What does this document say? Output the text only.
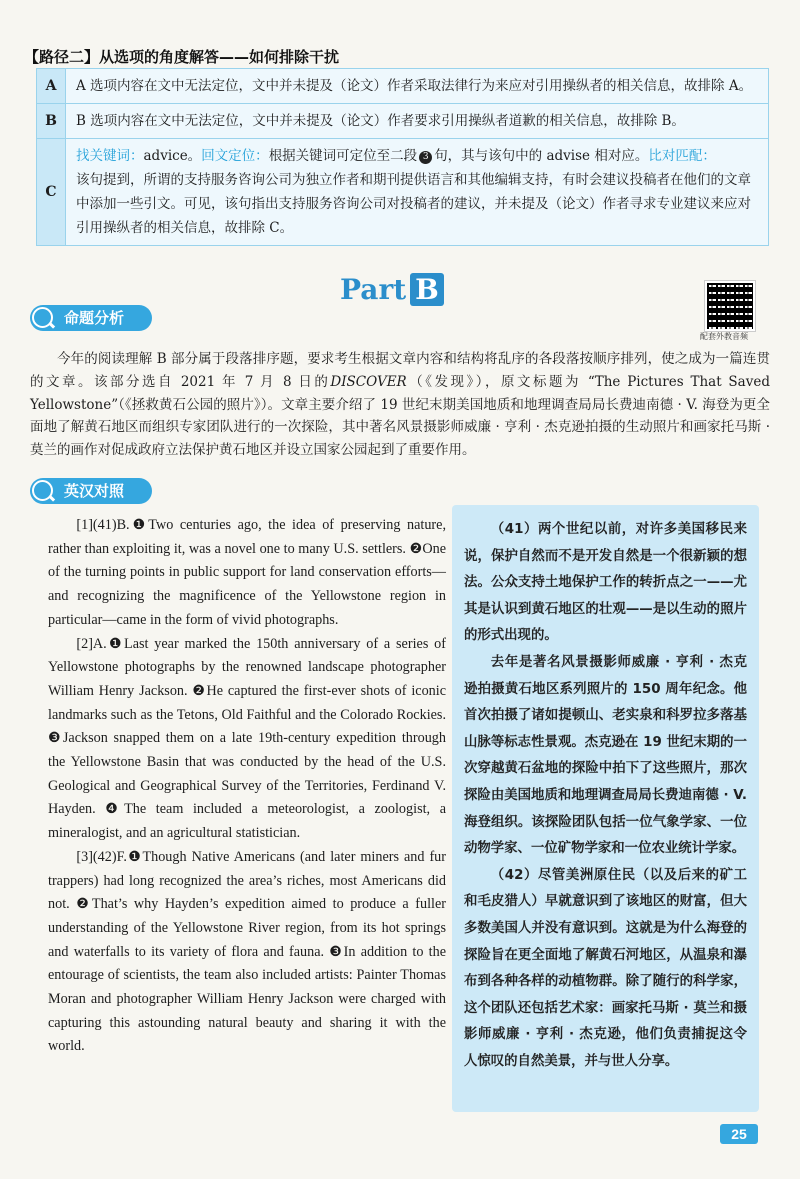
【路径二】从选项的角度解答——如何排除干扰
A	A 选项内容在文中无法定位，文中并未提及（论文）作者采取法律行为来应对引用操纵者的相关信息，故排除 A。
B	B 选项内容在文中无法定位，文中并未提及（论文）作者要求引用操纵者道歉的相关信息，故排除 B。
C	找关键词：advice。回文定位：根据关键词可定位至二段 3 句，其与该句中的 advise 相对应。比对匹配：
该句提到，所谓的支持服务咨询公司为独立作者和期刊提供语言和其他编辑支持，有时会建议投稿者在他们的文章中添加一些引文。可见，该句指出支持服务咨询公司对投稿者的建议，并未提及（论文）作者寻求专业建议来应对引用操纵者的相关信息，故排除 C。
Part B
配套外教音频
命题分析

今年的阅读理解 B 部分属于段落排序题，要求考生根据文章内容和结构将乱序的各段落按顺序排列，使之成为一篇连贯的文章。该部分选自 2021 年 7 月 8 日的DISCOVER（《发现》），原文标题为 “The Pictures That Saved Yellowstone”（《拯救黄石公园的照片》）。文章主要介绍了 19 世纪末期美国地质和地理调查局局长费迪南德 · V. 海登为更全面地了解黄石地区而组织专家团队进行的一次探险，其中著名风景摄影师威廉 · 亨利 · 杰克逊拍摄的生动照片和画家托马斯 · 莫兰的画作对促成政府立法保护黄石地区并设立国家公园起到了重要作用。

英汉对照

[1](41)B.❶Two centuries ago, the idea of preserving nature, rather than exploiting it, was a novel one to many U.S. settlers. ❷One of the turning points in public support for land conservation efforts—and recognizing the magnificence of the Yellowstone region in particular—came in the form of vivid photographs.

[2]A.❶Last year marked the 150th anniversary of a series of Yellowstone photographs by the renowned landscape photographer William Henry Jackson. ❷He captured the first-ever shots of iconic landmarks such as the Tetons, Old Faithful and the Colorado Rockies. ❸Jackson snapped them on a late 19th-century expedition through the Yellowstone Basin that was conducted by the head of the U.S. Geological and Geographical Survey of the Territories, Ferdinand V. Hayden. ❹The team included a meteorologist, a zoologist, a mineralogist, and an agricultural statistician.

[3](42)F.❶Though Native Americans (and later miners and fur trappers) had long recognized the area’s riches, most Americans did not. ❷That’s why Hayden’s expedition aimed to produce a fuller understanding of the Yellowstone River region, from its hot springs and waterfalls to its variety of flora and fauna. ❸In addition to the entourage of scientists, the team also included artists: Painter Thomas Moran and photographer William Henry Jackson were charged with capturing this astounding natural beauty and sharing it with the world.

（41）两个世纪以前，对许多美国移民来说，保护自然而不是开发自然是一个很新颖的想法。公众支持土地保护工作的转折点之一——尤其是认识到黄石地区的壮观——是以生动的照片的形式出现的。

去年是著名风景摄影师威廉 · 亨利 · 杰克逊拍摄黄石地区系列照片的 150 周年纪念。他首次拍摄了诸如提顿山、老实泉和科罗拉多落基山脉等标志性景观。杰克逊在 19 世纪末期的一次穿越黄石盆地的探险中拍下了这些照片，那次探险由美国地质和地理调查局局长费迪南德 · V. 海登组织。该探险团队包括一位气象学家、一位动物学家、一位矿物学家和一位农业统计学家。

（42）尽管美洲原住民（以及后来的矿工和毛皮猎人）早就意识到了该地区的财富，但大多数美国人并没有意识到。这就是为什么海登的探险旨在更全面地了解黄石河地区，从温泉和瀑布到各种各样的动植物群。除了随行的科学家，这个团队还包括艺术家：画家托马斯 · 莫兰和摄影师威廉 · 亨利 · 杰克逊，他们负责捕捉这令人惊叹的自然美景，并与世人分享。

25
